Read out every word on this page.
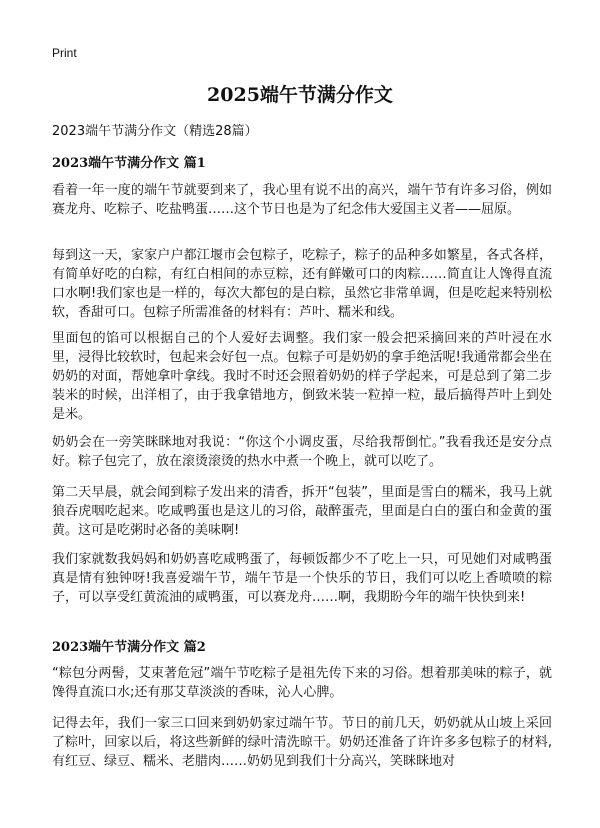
Print
2025端午节满分作文
2023端午节满分作文（精选28篇）
2023端午节满分作文 篇1

看着一年一度的端午节就要到来了，我心里有说不出的高兴，端午节有许多习俗，例如赛龙舟、吃粽子、吃盐鸭蛋……这个节日也是为了纪念伟大爱国主义者——屈原。

每到这一天，家家户户都江堰市会包粽子，吃粽子，粽子的品种多如繁星，各式各样，有简单好吃的白粽，有红白相间的赤豆粽，还有鲜嫩可口的肉粽……简直让人馋得直流口水啊!我们家也是一样的，每次大都包的是白粽，虽然它非常单调，但是吃起来特别松软，香甜可口。包粽子所需准备的材料有：芦叶、糯米和线。

里面包的馅可以根据自己的个人爱好去调整。我们家一般会把采摘回来的芦叶浸在水里，浸得比较软时，包起来会好包一点。包粽子可是奶奶的拿手绝活呢!我通常都会坐在奶奶的对面，帮她拿叶拿线。我时不时还会照着奶奶的样子学起来，可是总到了第二步装米的时候，出洋相了，由于我拿错地方，倒致米装一粒掉一粒，最后搞得芦叶上到处是米。

奶奶会在一旁笑眯眯地对我说：“你这个小调皮蛋，尽给我帮倒忙。”我看我还是安分点好。粽子包完了，放在滚烫滚烫的热水中煮一个晚上，就可以吃了。

第二天早晨，就会闻到粽子发出来的清香，拆开“包装”，里面是雪白的糯米，我马上就狼吞虎咽吃起来。吃咸鸭蛋也是这儿的习俗，敲醉蛋壳，里面是白白的蛋白和金黄的蛋黄。这可是吃粥时必备的美味啊!

我们家就数我妈妈和奶奶喜吃咸鸭蛋了，每顿饭都少不了吃上一只，可见她们对咸鸭蛋真是情有独钟呀!我喜爱端午节，端午节是一个快乐的节日，我们可以吃上香喷喷的粽子，可以享受红黄流油的咸鸭蛋，可以赛龙舟……啊，我期盼今年的端午快快到来!

2023端午节满分作文 篇2

“粽包分两髻，艾束著危冠”端午节吃粽子是祖先传下来的习俗。想着那美味的粽子，就馋得直流口水;还有那艾草淡淡的香味，沁人心脾。

记得去年，我们一家三口回来到奶奶家过端午节。节日的前几天，奶奶就从山坡上采回了粽叶，回家以后，将这些新鲜的绿叶清洗晾干。奶奶还准备了许许多多包粽子的材料,有红豆、绿豆、糯米、老腊肉……奶奶见到我们十分高兴，笑眯眯地对
